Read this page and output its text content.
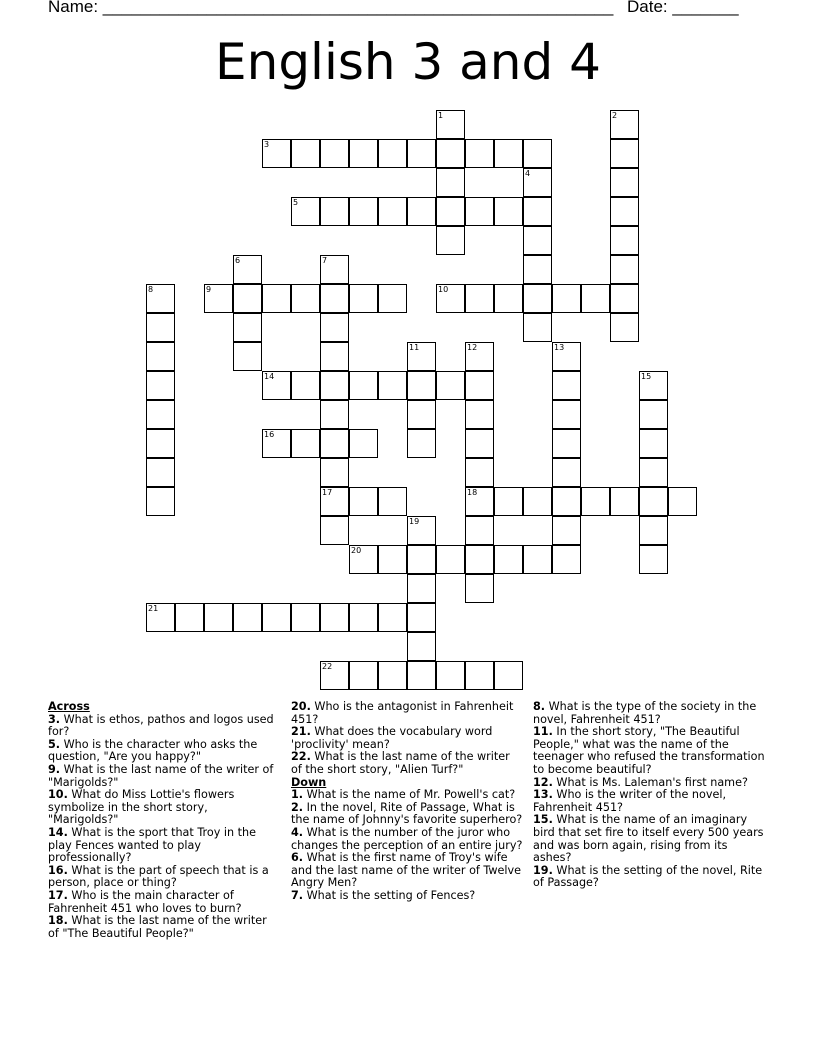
Name: ______________________________________________________ Date: _______
English 3 and 4
1	2
3
4
5
6	7
17
8	9	10
11	12
18
13
14	15
16
19
20
21
22
Across
3. What is ethos, pathos and logos used for?
5. Who is the character who asks the question, "Are you happy?"
9. What is the last name of the writer of "Marigolds?"
10. What do Miss Lottie's flowers symbolize in the short story, "Marigolds?"
14. What is the sport that Troy in the play Fences wanted to play professionally?
16. What is the part of speech that is a person, place or thing?
17. Who is the main character of Fahrenheit 451 who loves to burn?
18. What is the last name of the writer of "The Beautiful People?"
20. Who is the antagonist in Fahrenheit 451?
21. What does the vocabulary word 'proclivity' mean?
22. What is the last name of the writer of the short story, "Alien Turf?"
Down
1. What is the name of Mr. Powell's cat?
2. In the novel, Rite of Passage, What is the name of Johnny's favorite superhero?
4. What is the number of the juror who changes the perception of an entire jury?
6. What is the first name of Troy's wife and the last name of the writer of Twelve Angry Men?
7. What is the setting of Fences?
8. What is the type of the society in the novel, Fahrenheit 451?
11. In the short story, "The Beautiful People," what was the name of the teenager who refused the transformation to become beautiful?
12. What is Ms. Laleman's first name?
13. Who is the writer of the novel, Fahrenheit 451?
15. What is the name of an imaginary bird that set fire to itself every 500 years and was born again, rising from its ashes?
19. What is the setting of the novel, Rite of Passage?
